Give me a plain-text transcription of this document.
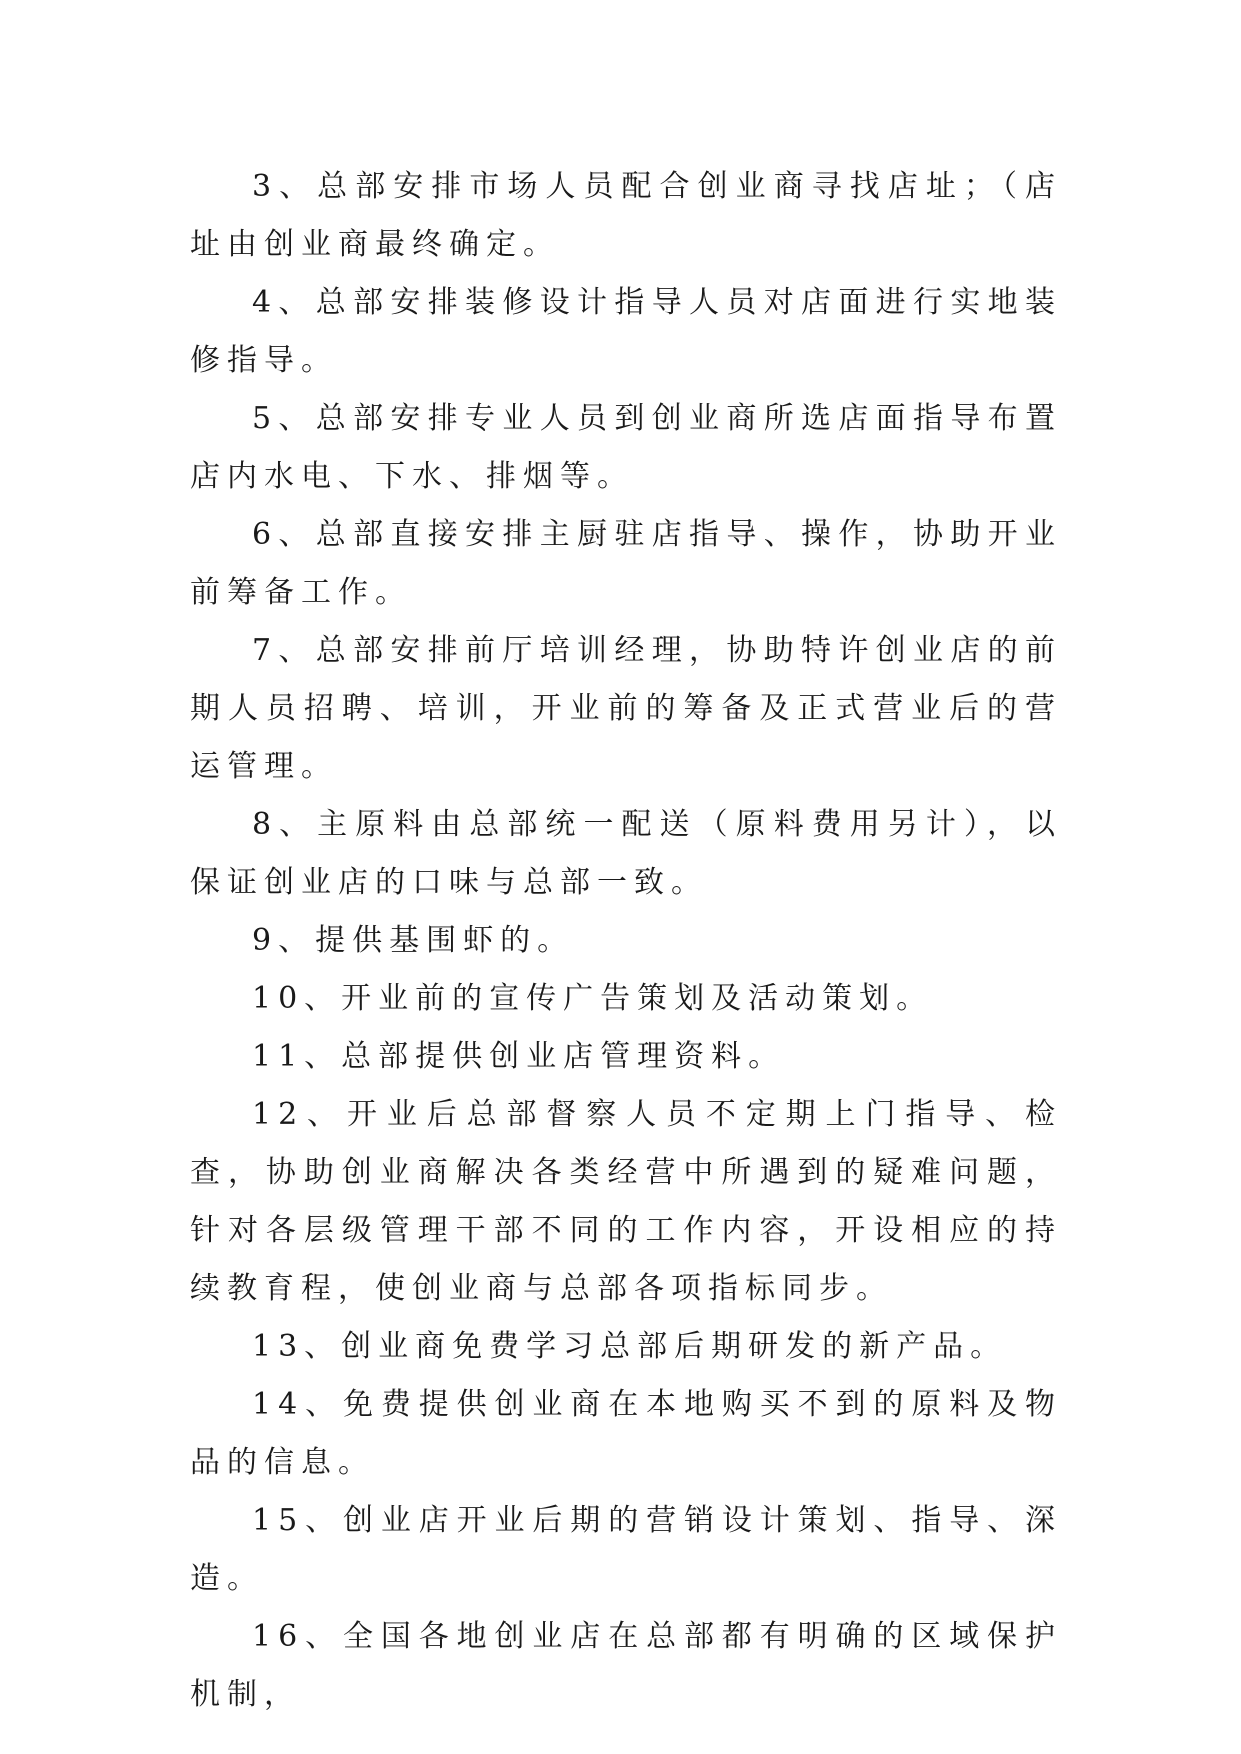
3、总部安排市场人员配合创业商寻找店址；（店址由创业商最终确定。

4、总部安排装修设计指导人员对店面进行实地装修指导。

5、总部安排专业人员到创业商所选店面指导布置店内水电、下水、排烟等。

6、总部直接安排主厨驻店指导、操作，协助开业前筹备工作。

7、总部安排前厅培训经理，协助特许创业店的前期人员招聘、培训，开业前的筹备及正式营业后的营运管理。

8、主原料由总部统一配送（原料费用另计），以保证创业店的口味与总部一致。

9、提供基围虾的。

10、开业前的宣传广告策划及活动策划。

11、总部提供创业店管理资料。

12、开业后总部督察人员不定期上门指导、检查，协助创业商解决各类经营中所遇到的疑难问题，针对各层级管理干部不同的工作内容，开设相应的持续教育程，使创业商与总部各项指标同步。

13、创业商免费学习总部后期研发的新产品。

14、免费提供创业商在本地购买不到的原料及物品的信息。

15、创业店开业后期的营销设计策划、指导、深造。

16、全国各地创业店在总部都有明确的区域保护机制，
